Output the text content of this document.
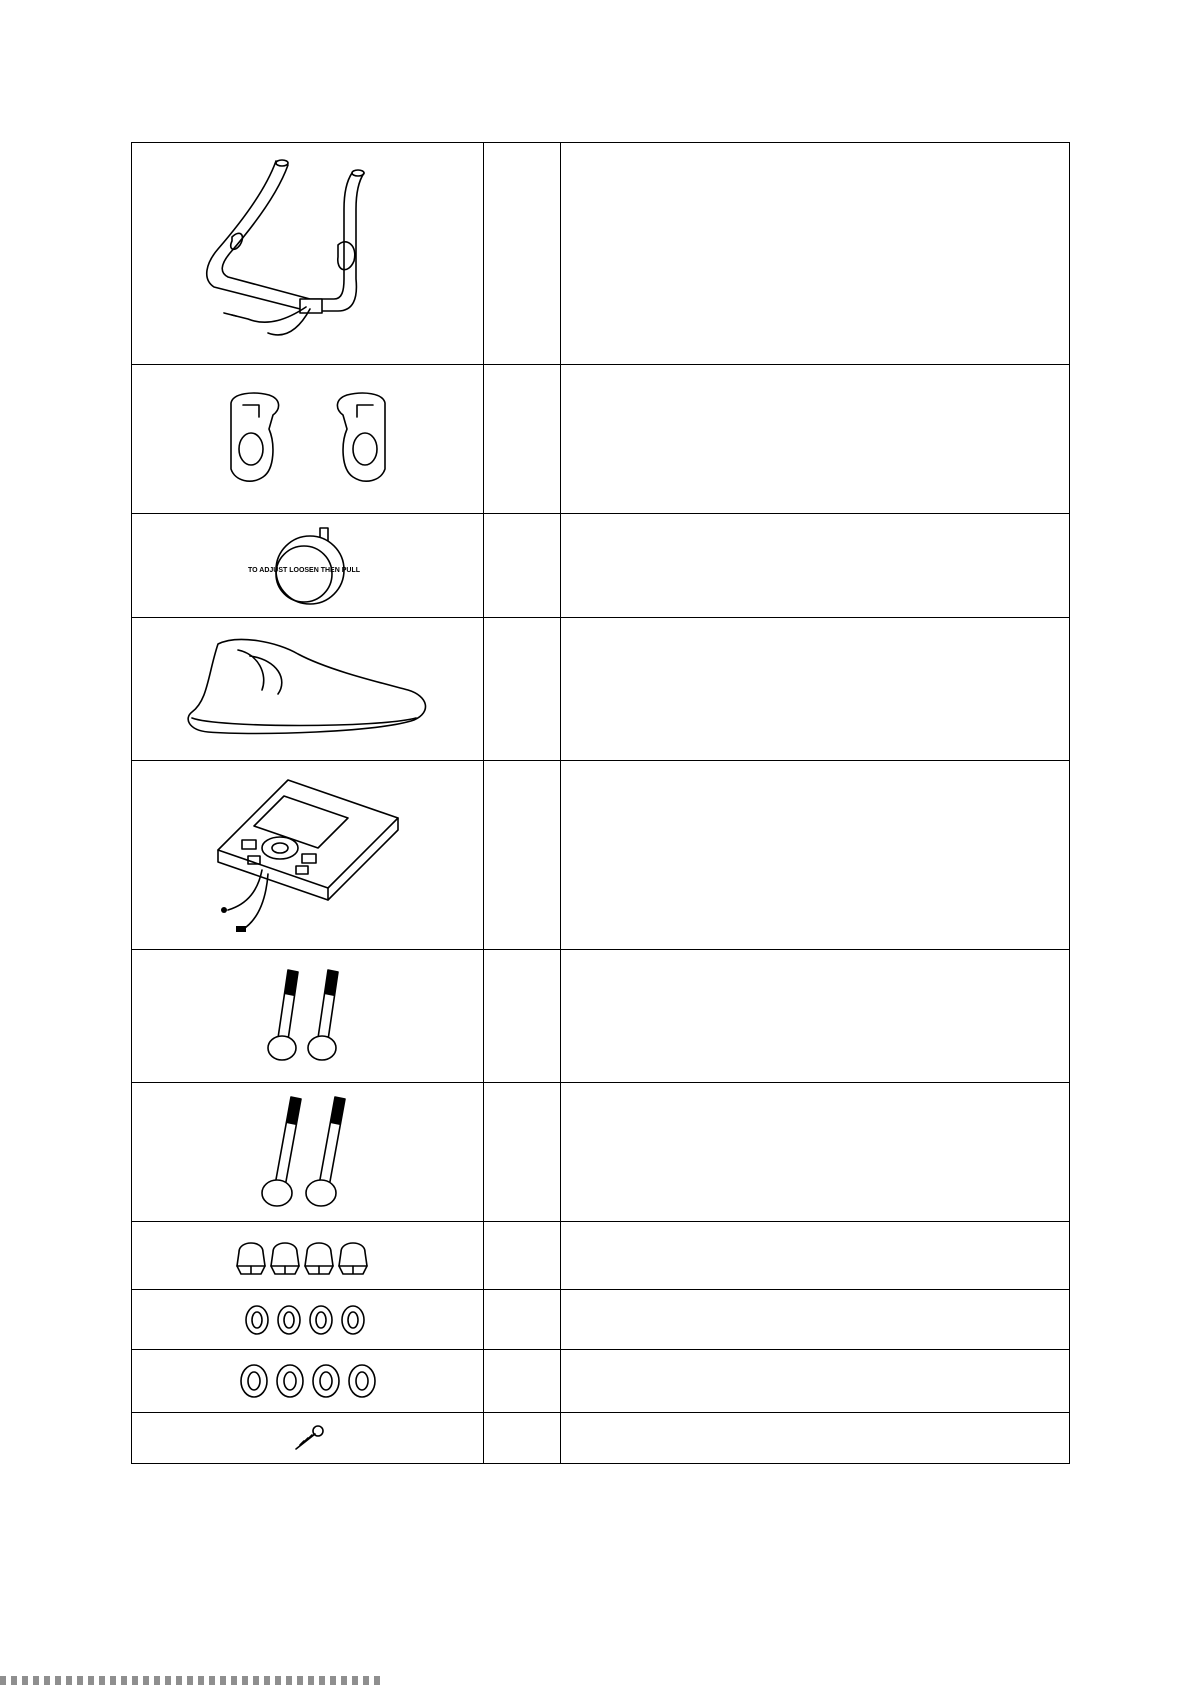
TO ADJUST LOOSEN THEN PULL		
